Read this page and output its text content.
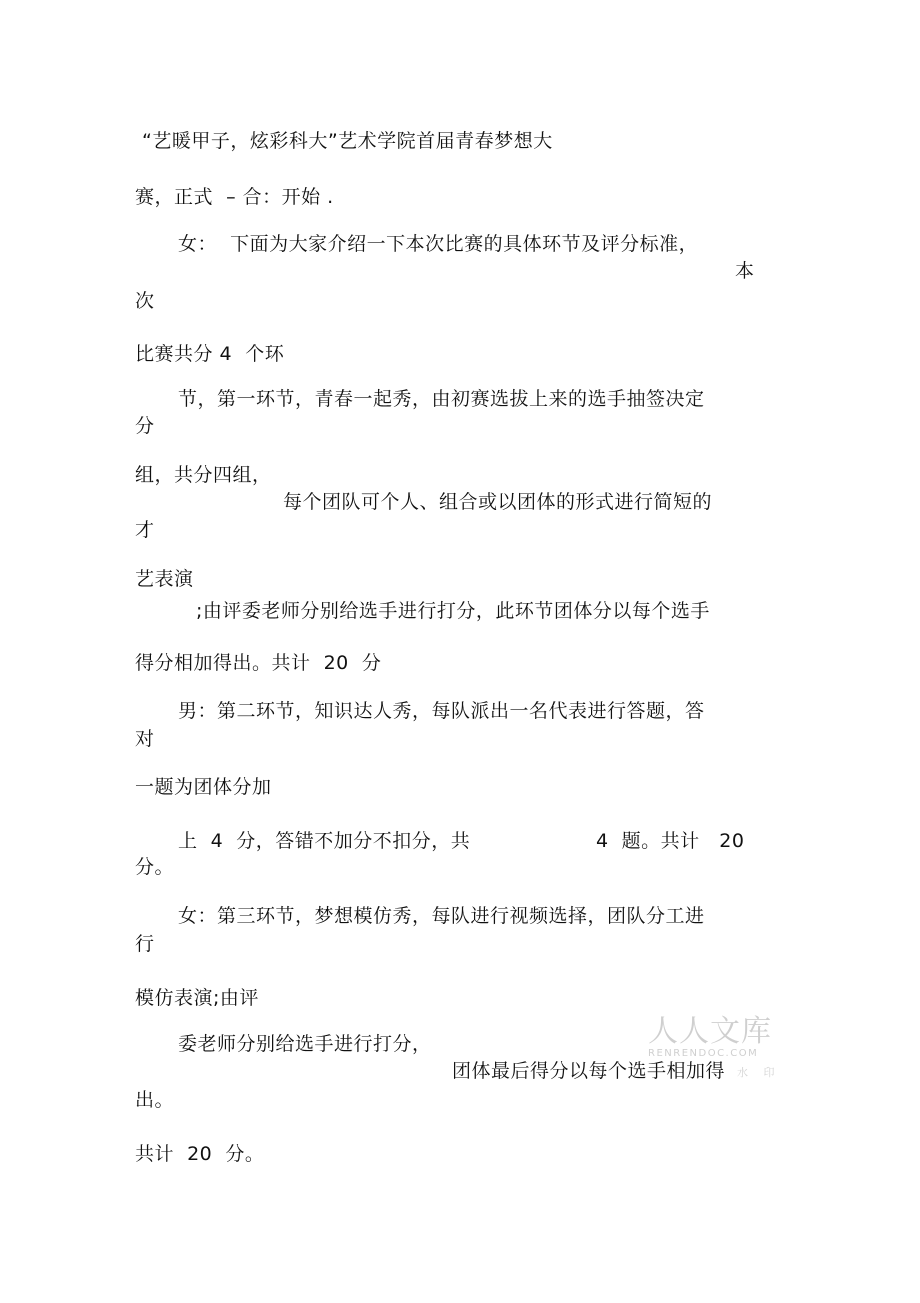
“艺暖甲子，炫彩科大”艺术学院首届青春梦想大
赛，正式  – 合：开始 .
女：  下面为大家介绍一下本次比赛的具体环节及评分标准，
本
次
比赛共分 4  个环
节，第一环节，青春一起秀，由初赛选拔上来的选手抽签决定
分
组，共分四组，
每个团队可个人、组合或以团体的形式进行简短的
才
艺表演
;由评委老师分别给选手进行打分，此环节团体分以每个选手
得分相加得出。共计  20  分
男：第二环节，知识达人秀，每队派出一名代表进行答题，答
对
一题为团体分加
上  4  分，答错不加分不扣分，共	4  题。共计   20
分。
女：第三环节，梦想模仿秀，每队进行视频选择，团队分工进
行
模仿表演;由评
委老师分别给选手进行打分，
团体最后得分以每个选手相加得
出。
共计  20  分。
人人文库
RENRENDOC.COM
水 印
